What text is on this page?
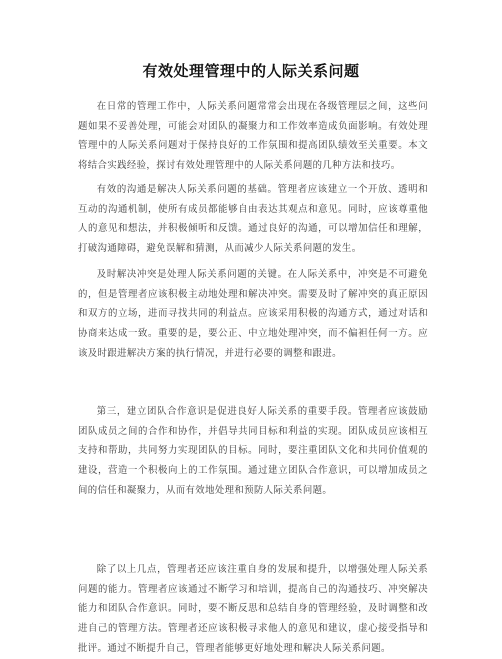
有效处理管理中的人际关系问题

在日常的管理工作中，人际关系问题常常会出现在各级管理层之间，这些问题如果不妥善处理，可能会对团队的凝聚力和工作效率造成负面影响。有效处理管理中的人际关系问题对于保持良好的工作氛围和提高团队绩效至关重要。本文将结合实践经验，探讨有效处理管理中的人际关系问题的几种方法和技巧。

有效的沟通是解决人际关系问题的基础。管理者应该建立一个开放、透明和互动的沟通机制，使所有成员都能够自由表达其观点和意见。同时，应该尊重他人的意见和想法，并积极倾听和反馈。通过良好的沟通，可以增加信任和理解，打破沟通障碍，避免误解和猜测，从而减少人际关系问题的发生。

及时解决冲突是处理人际关系问题的关键。在人际关系中，冲突是不可避免的，但是管理者应该积极主动地处理和解决冲突。需要及时了解冲突的真正原因和双方的立场，进而寻找共同的利益点。应该采用积极的沟通方式，通过对话和协商来达成一致。重要的是，要公正、中立地处理冲突，而不偏袒任何一方。应该及时跟进解决方案的执行情况，并进行必要的调整和跟进。

第三，建立团队合作意识是促进良好人际关系的重要手段。管理者应该鼓励团队成员之间的合作和协作，并倡导共同目标和利益的实现。团队成员应该相互支持和帮助，共同努力实现团队的目标。同时，要注重团队文化和共同价值观的建设，营造一个积极向上的工作氛围。通过建立团队合作意识，可以增加成员之间的信任和凝聚力，从而有效地处理和预防人际关系问题。

除了以上几点，管理者还应该注重自身的发展和提升，以增强处理人际关系问题的能力。管理者应该通过不断学习和培训，提高自己的沟通技巧、冲突解决能力和团队合作意识。同时，要不断反思和总结自身的管理经验，及时调整和改进自己的管理方法。管理者还应该积极寻求他人的意见和建议，虚心接受指导和批评。通过不断提升自己，管理者能够更好地处理和解决人际关系问题。
